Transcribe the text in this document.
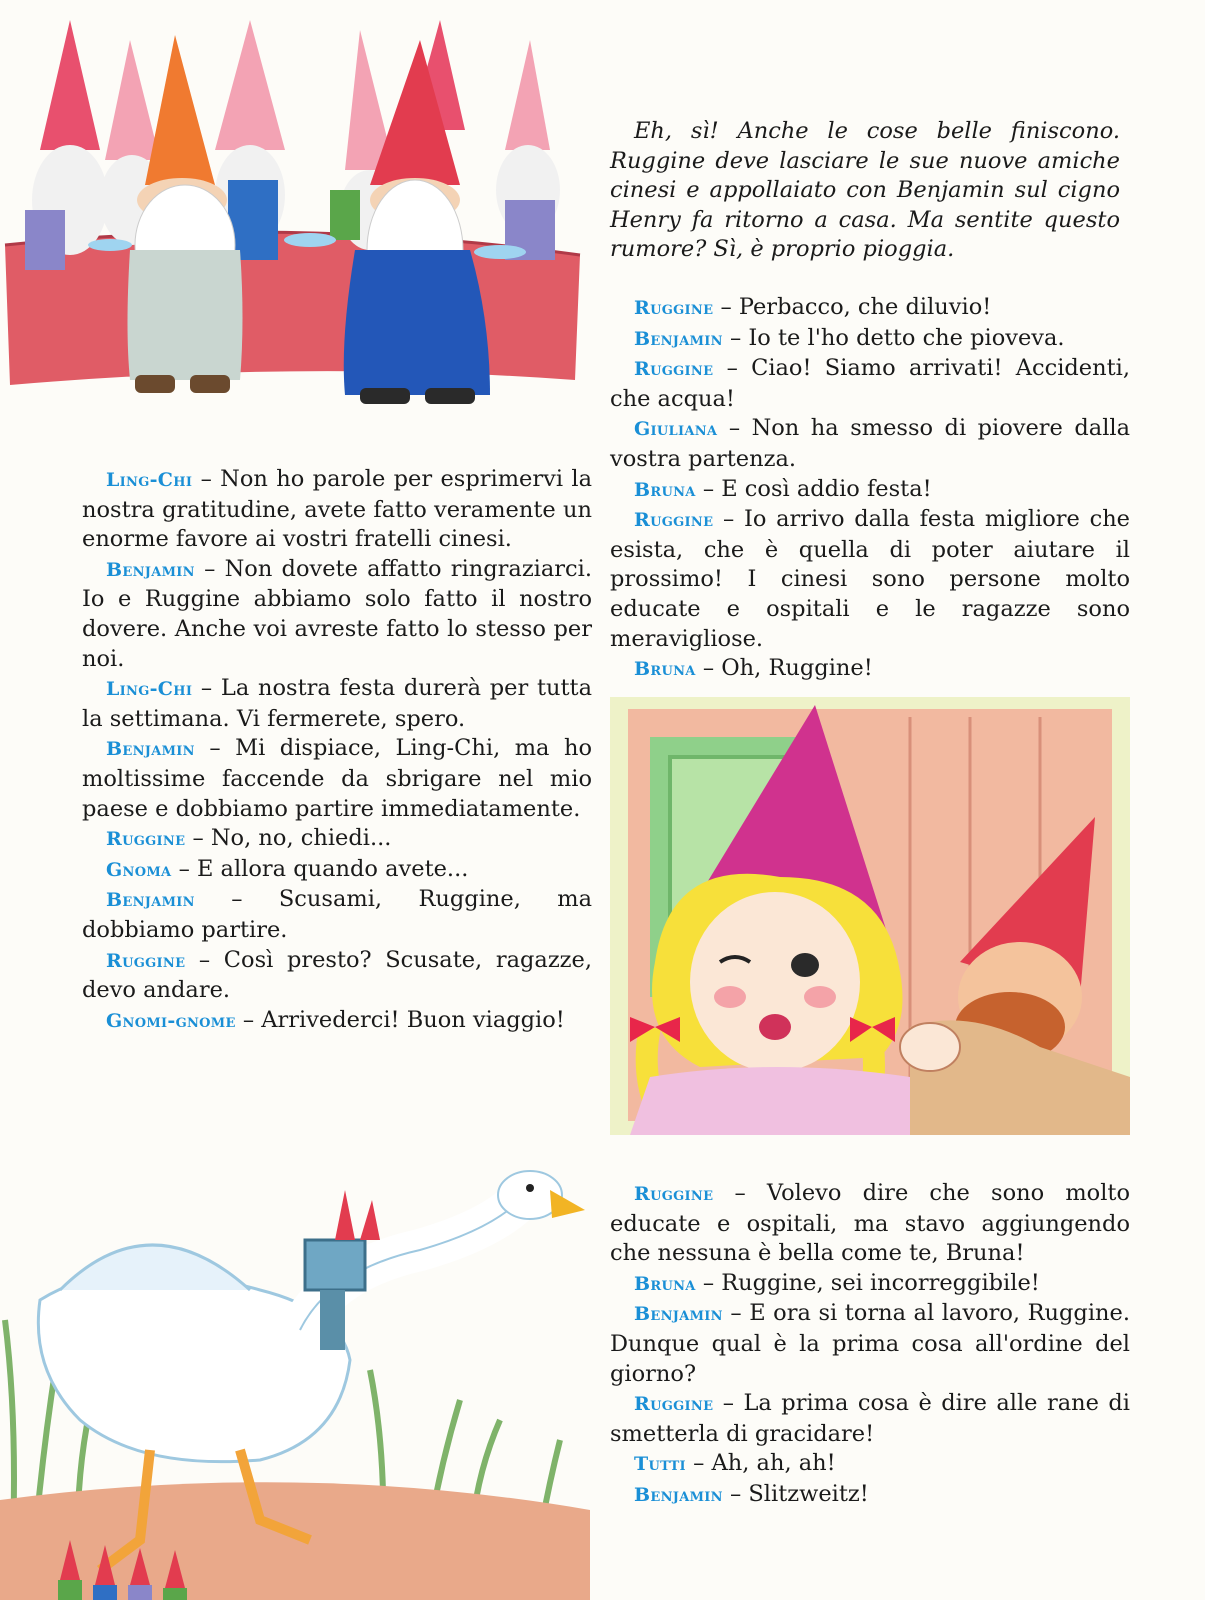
Eh, sì! Anche le cose belle finiscono. Ruggine deve lasciare le sue nuove amiche cinesi e appollaiato con Benjamin sul cigno Henry fa ritorno a casa. Ma sentite questo rumore? Sì, è proprio pioggia.

Ling-Chi – Non ho parole per esprimervi la nostra gratitudine, avete fatto veramente un enorme favore ai vostri fratelli cinesi.

Benjamin – Non dovete affatto ringraziarci. Io e Ruggine abbiamo solo fatto il nostro dovere. Anche voi avreste fatto lo stesso per noi.

Ling-Chi – La nostra festa durerà per tutta la settimana. Vi fermerete, spero.

Benjamin – Mi dispiace, Ling-Chi, ma ho moltissime faccende da sbrigare nel mio paese e dobbiamo partire immediatamente.

Ruggine – No, no, chiedi...

Gnoma – E allora quando avete...

Benjamin – Scusami, Ruggine, ma dobbiamo partire.

Ruggine – Così presto? Scusate, ragazze, devo andare.

Gnomi-gnome – Arrivederci! Buon viaggio!

Ruggine – Perbacco, che diluvio!

Benjamin – Io te l'ho detto che pioveva.

Ruggine – Ciao! Siamo arrivati! Accidenti, che acqua!

Giuliana – Non ha smesso di piovere dalla vostra partenza.

Bruna – E così addio festa!

Ruggine – Io arrivo dalla festa migliore che esista, che è quella di poter aiutare il prossimo! I cinesi sono persone molto educate e ospitali e le ragazze sono meravigliose.

Bruna – Oh, Ruggine!

Ruggine – Volevo dire che sono molto educate e ospitali, ma stavo aggiungendo che nessuna è bella come te, Bruna!

Bruna – Ruggine, sei incorreggibile!

Benjamin – E ora si torna al lavoro, Ruggine. Dunque qual è la prima cosa all'ordine del giorno?

Ruggine – La prima cosa è dire alle rane di smetterla di gracidare!

Tutti – Ah, ah, ah!

Benjamin – Slitzweitz!
